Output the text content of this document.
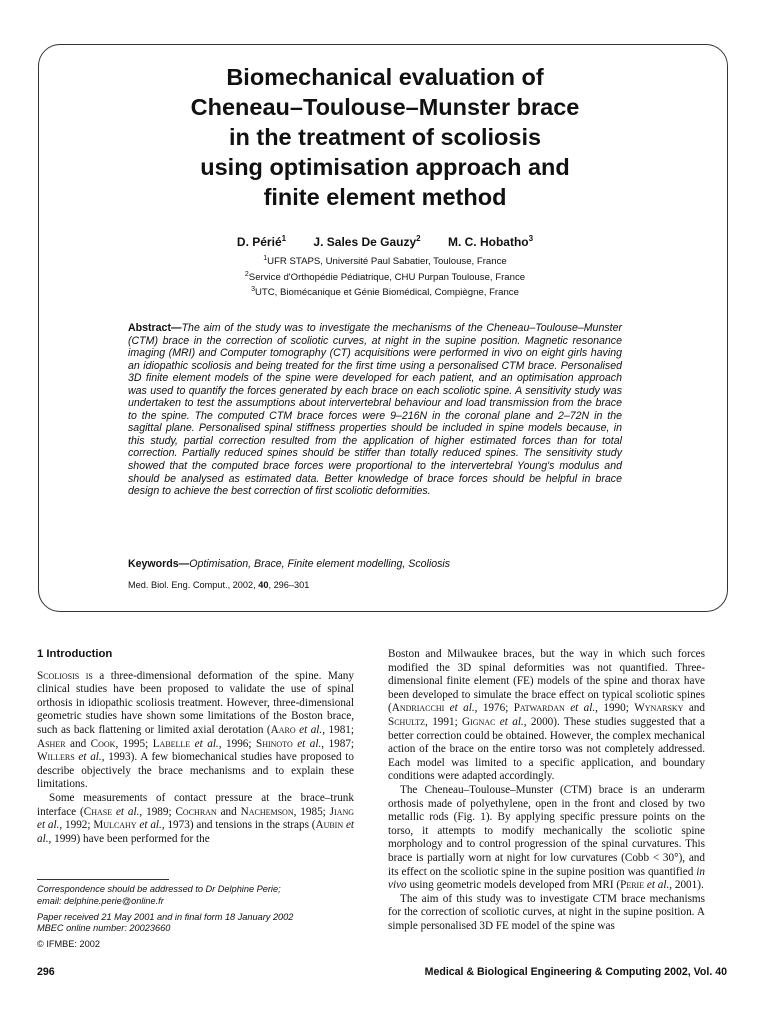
Biomechanical evaluation of
Cheneau–Toulouse–Munster brace
in the treatment of scoliosis
using optimisation approach and
finite element method
D. Périé$^1$ J. Sales De Gauzy$^2$ M. C. Hobatho$^3$
$^1$UFR STAPS, Université Paul Sabatier, Toulouse, France
$^2$Service d'Orthopédie Pédiatrique, CHU Purpan Toulouse, France
$^3$UTC, Biomécanique et Génie Biomédical, Compiègne, France
Abstract—The aim of the study was to investigate the mechanisms of the Cheneau–Toulouse–Munster (CTM) brace in the correction of scoliotic curves, at night in the supine position. Magnetic resonance imaging (MRI) and Computer tomography (CT) acquisitions were performed in vivo on eight girls having an idiopathic scoliosis and being treated for the first time using a personalised CTM brace. Personalised 3D finite element models of the spine were developed for each patient, and an optimisation approach was used to quantify the forces generated by each brace on each scoliotic spine. A sensitivity study was undertaken to test the assumptions about intervertebral behaviour and load transmission from the brace to the spine. The computed CTM brace forces were 9–216N in the coronal plane and 2–72N in the sagittal plane. Personalised spinal stiffness properties should be included in spine models because, in this study, partial correction resulted from the application of higher estimated forces than for total correction. Partially reduced spines should be stiffer than totally reduced spines. The sensitivity study showed that the computed brace forces were proportional to the intervertebral Young's modulus and should be analysed as estimated data. Better knowledge of brace forces should be helpful in brace design to achieve the best correction of first scoliotic deformities.
Keywords—Optimisation, Brace, Finite element modelling, Scoliosis
Med. Biol. Eng. Comput., 2002, 40, 296–301
1 Introduction

Scoliosis is a three-dimensional deformation of the spine. Many clinical studies have been proposed to validate the use of spinal orthosis in idiopathic scoliosis treatment. However, three-dimensional geometric studies have shown some limitations of the Boston brace, such as back flattening or limited axial derotation (Aaro et al., 1981; Asher and Cook, 1995; Labelle et al., 1996; Shinoto et al., 1987; Willers et al., 1993). A few biomechanical studies have proposed to describe objectively the brace mechanisms and to explain these limitations.

Some measurements of contact pressure at the brace–trunk interface (Chase et al., 1989; Cochran and Nachemson, 1985; Jiang et al., 1992; Mulcahy et al., 1973) and tensions in the straps (Aubin et al., 1999) have been performed for the

Boston and Milwaukee braces, but the way in which such forces modified the 3D spinal deformities was not quantified. Three-dimensional finite element (FE) models of the spine and thorax have been developed to simulate the brace effect on typical scoliotic spines (Andriacchi et al., 1976; Patwardan et al., 1990; Wynarsky and Schultz, 1991; Gignac et al., 2000). These studies suggested that a better correction could be obtained. However, the complex mechanical action of the brace on the entire torso was not completely addressed. Each model was limited to a specific application, and boundary conditions were adapted accordingly.

The Cheneau–Toulouse–Munster (CTM) brace is an underarm orthosis made of polyethylene, open in the front and closed by two metallic rods (Fig. 1). By applying specific pressure points on the torso, it attempts to modify mechanically the scoliotic spine morphology and to control progression of the spinal curvatures. This brace is partially worn at night for low curvatures (Cobb < 30°), and its effect on the scoliotic spine in the supine position was quantified in vivo using geometric models developed from MRI (Perie et al., 2001).

The aim of this study was to investigate CTM brace mechanisms for the correction of scoliotic curves, at night in the supine position. A simple personalised 3D FE model of the spine was

Correspondence should be addressed to Dr Delphine Perie;
email: delphine.perie@online.fr
Paper received 21 May 2001 and in final form 18 January 2002
MBEC online number: 20023660
© IFMBE: 2002
296	Medical & Biological Engineering & Computing 2002, Vol. 40
